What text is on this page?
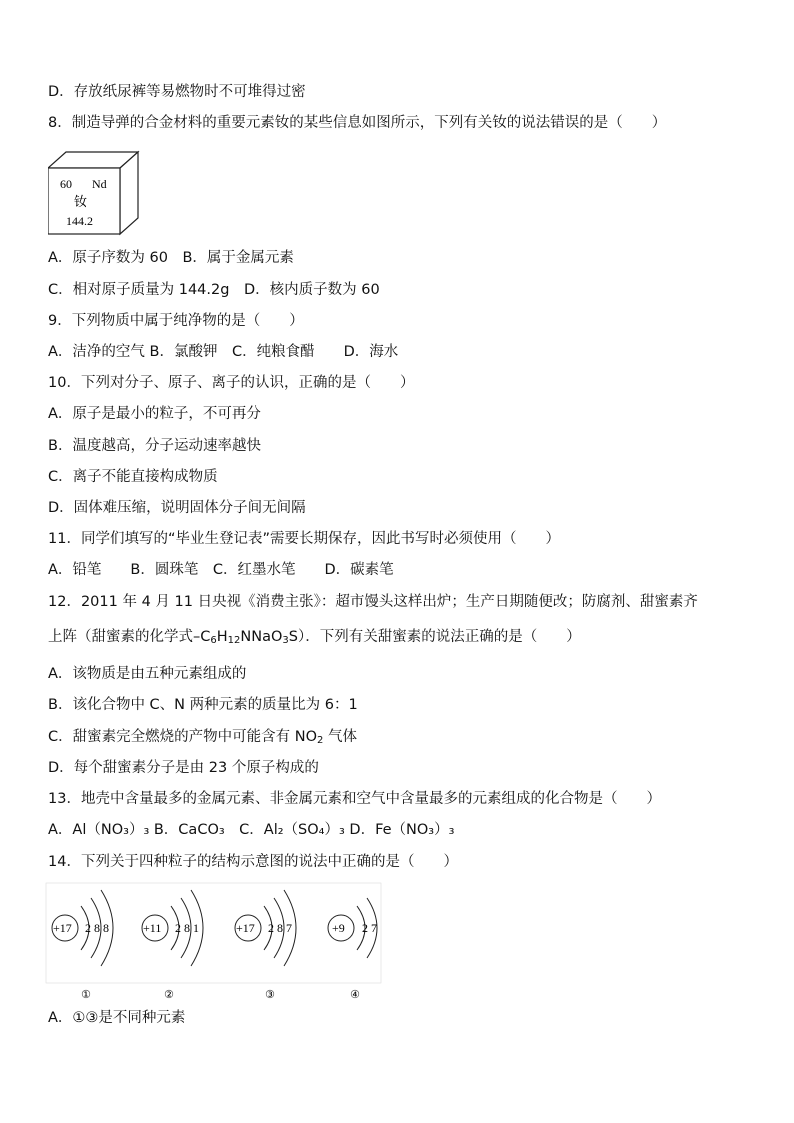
D．存放纸尿裤等易燃物时不可堆得过密
8．制造导弹的合金材料的重要元素钕的某些信息如图所示，下列有关钕的说法错误的是（　　）
60 Nd
钕
144.2
A．原子序数为 60　B．属于金属元素
C．相对原子质量为 144.2g　D．核内质子数为 60
9．下列物质中属于纯净物的是（　　）
A．洁净的空气 B．氯酸钾　C．纯粮食醋　　D．海水
10．下列对分子、原子、离子的认识，正确的是（　　）
A．原子是最小的粒子，不可再分
B．温度越高，分子运动速率越快
C．离子不能直接构成物质
D．固体难压缩，说明固体分子间无间隔
11．同学们填写的“毕业生登记表”需要长期保存，因此书写时必须使用（　　）
A．铅笔　　B．圆珠笔　C．红墨水笔　　D．碳素笔
12．2011 年 4 月 11 日央视《消费主张》：超市馒头这样出炉；生产日期随便改；防腐剂、甜蜜素齐
上阵（甜蜜素的化学式$-C_6H_{12}NNaO_3S$）．下列有关甜蜜素的说法正确的是（　　）
A．该物质是由五种元素组成的
B．该化合物中 C、N 两种元素的质量比为 6：1
C．甜蜜素完全燃烧的产物中可能含有 $NO_2$ 气体
D．每个甜蜜素分子是由 23 个原子构成的
13．地壳中含量最多的金属元素、非金属元素和空气中含量最多的元素组成的化合物是（　　）
A．Al（NO₃）₃ B．CaCO₃　C．Al₂（SO₄）₃ D．Fe（NO₃）₃
14．下列关于四种粒子的结构示意图的说法中正确的是（　　）
+17 2 8 8	+11 2 8 1	+17 2 8 7	+9 2 7
①	②	③	④
A．①③是不同种元素
